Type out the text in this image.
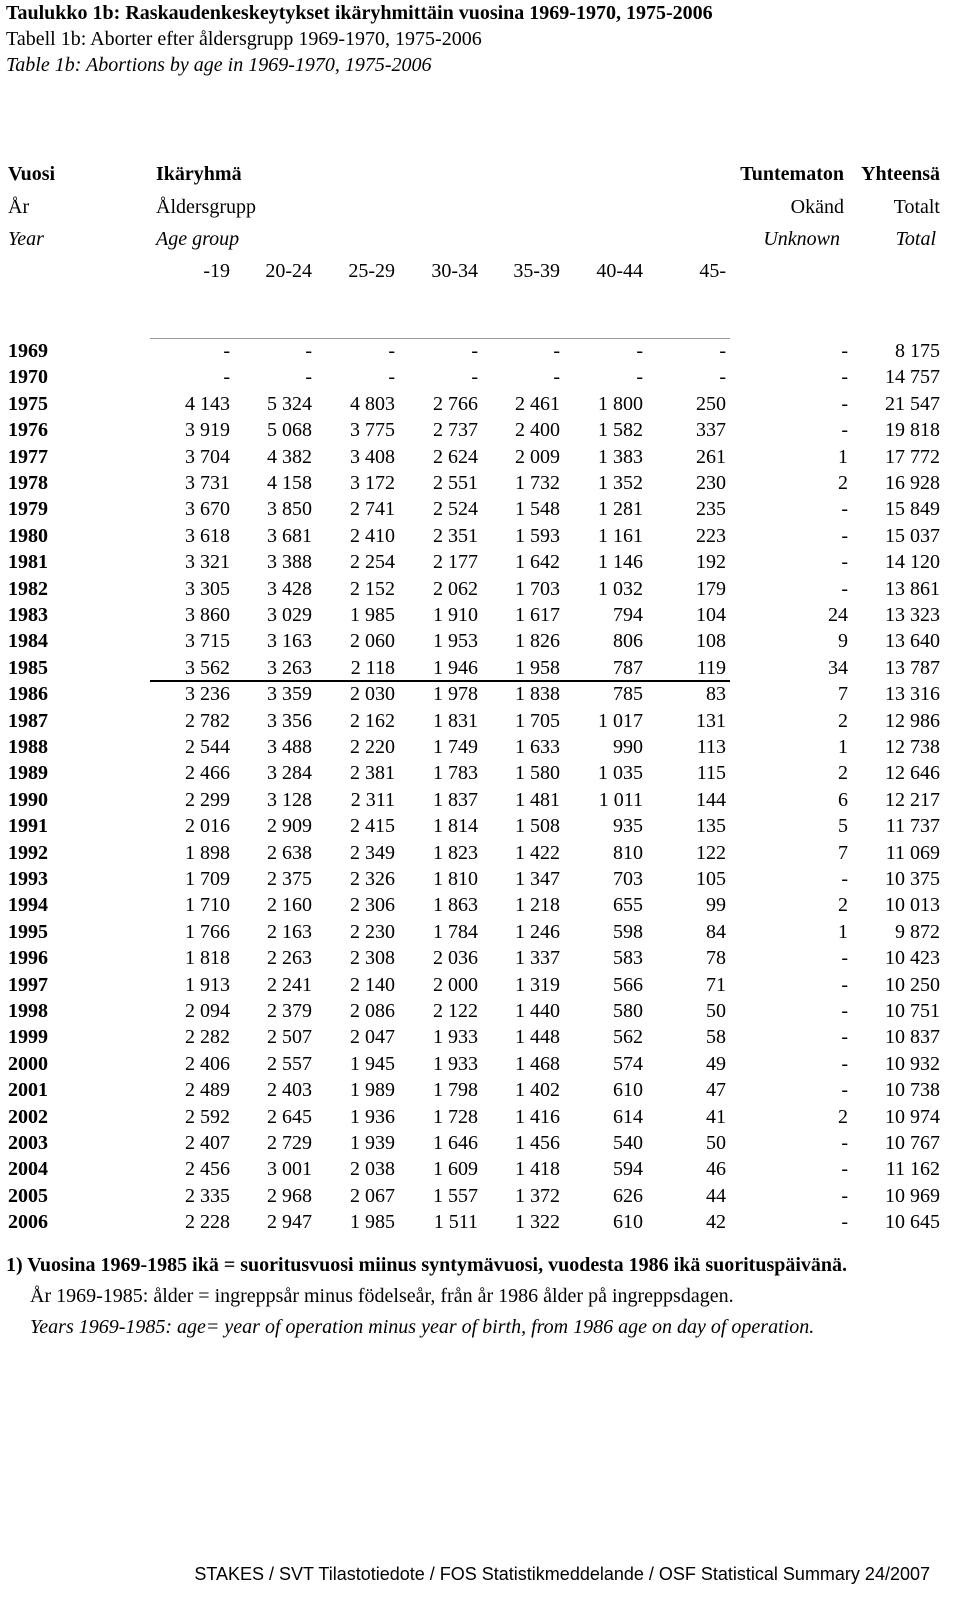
Taulukko 1b: Raskaudenkeskeytykset ikäryhmittäin vuosina 1969-1970, 1975-2006
Tabell 1b: Aborter efter åldersgrupp 1969-1970, 1975-2006
Table 1b: Abortions by age in 1969-1970, 1975-2006
Vuosi
År
Year
Ikäryhmä
Åldersgrupp
Age group
Tuntematon
Okänd
Unknown
Yhteensä
Totalt
Total
-19	20-24	25-29	30-34	35-39	40-44	45-
1969	-	-	-	-	-	-	-	-	8 175
1970	-	-	-	-	-	-	-	-	14 757
1975	4 143	5 324	4 803	2 766	2 461	1 800	250	-	21 547
1976	3 919	5 068	3 775	2 737	2 400	1 582	337	-	19 818
1977	3 704	4 382	3 408	2 624	2 009	1 383	261	1	17 772
1978	3 731	4 158	3 172	2 551	1 732	1 352	230	2	16 928
1979	3 670	3 850	2 741	2 524	1 548	1 281	235	-	15 849
1980	3 618	3 681	2 410	2 351	1 593	1 161	223	-	15 037
1981	3 321	3 388	2 254	2 177	1 642	1 146	192	-	14 120
1982	3 305	3 428	2 152	2 062	1 703	1 032	179	-	13 861
1983	3 860	3 029	1 985	1 910	1 617	794	104	24	13 323
1984	3 715	3 163	2 060	1 953	1 826	806	108	9	13 640
1985	3 562	3 263	2 118	1 946	1 958	787	119	34	13 787
1986	3 236	3 359	2 030	1 978	1 838	785	83	7	13 316
1987	2 782	3 356	2 162	1 831	1 705	1 017	131	2	12 986
1988	2 544	3 488	2 220	1 749	1 633	990	113	1	12 738
1989	2 466	3 284	2 381	1 783	1 580	1 035	115	2	12 646
1990	2 299	3 128	2 311	1 837	1 481	1 011	144	6	12 217
1991	2 016	2 909	2 415	1 814	1 508	935	135	5	11 737
1992	1 898	2 638	2 349	1 823	1 422	810	122	7	11 069
1993	1 709	2 375	2 326	1 810	1 347	703	105	-	10 375
1994	1 710	2 160	2 306	1 863	1 218	655	99	2	10 013
1995	1 766	2 163	2 230	1 784	1 246	598	84	1	9 872
1996	1 818	2 263	2 308	2 036	1 337	583	78	-	10 423
1997	1 913	2 241	2 140	2 000	1 319	566	71	-	10 250
1998	2 094	2 379	2 086	2 122	1 440	580	50	-	10 751
1999	2 282	2 507	2 047	1 933	1 448	562	58	-	10 837
2000	2 406	2 557	1 945	1 933	1 468	574	49	-	10 932
2001	2 489	2 403	1 989	1 798	1 402	610	47	-	10 738
2002	2 592	2 645	1 936	1 728	1 416	614	41	2	10 974
2003	2 407	2 729	1 939	1 646	1 456	540	50	-	10 767
2004	2 456	3 001	2 038	1 609	1 418	594	46	-	11 162
2005	2 335	2 968	2 067	1 557	1 372	626	44	-	10 969
2006	2 228	2 947	1 985	1 511	1 322	610	42	-	10 645
1) Vuosina 1969-1985 ikä = suoritusvuosi miinus syntymävuosi, vuodesta 1986 ikä suorituspäivänä.
År 1969-1985: ålder = ingreppsår minus födelseår, från år 1986 ålder på ingreppsdagen.
Years 1969-1985: age= year of operation minus year of birth, from 1986 age on day of operation.
STAKES / SVT Tilastotiedote / FOS Statistikmeddelande / OSF Statistical Summary 24/2007
